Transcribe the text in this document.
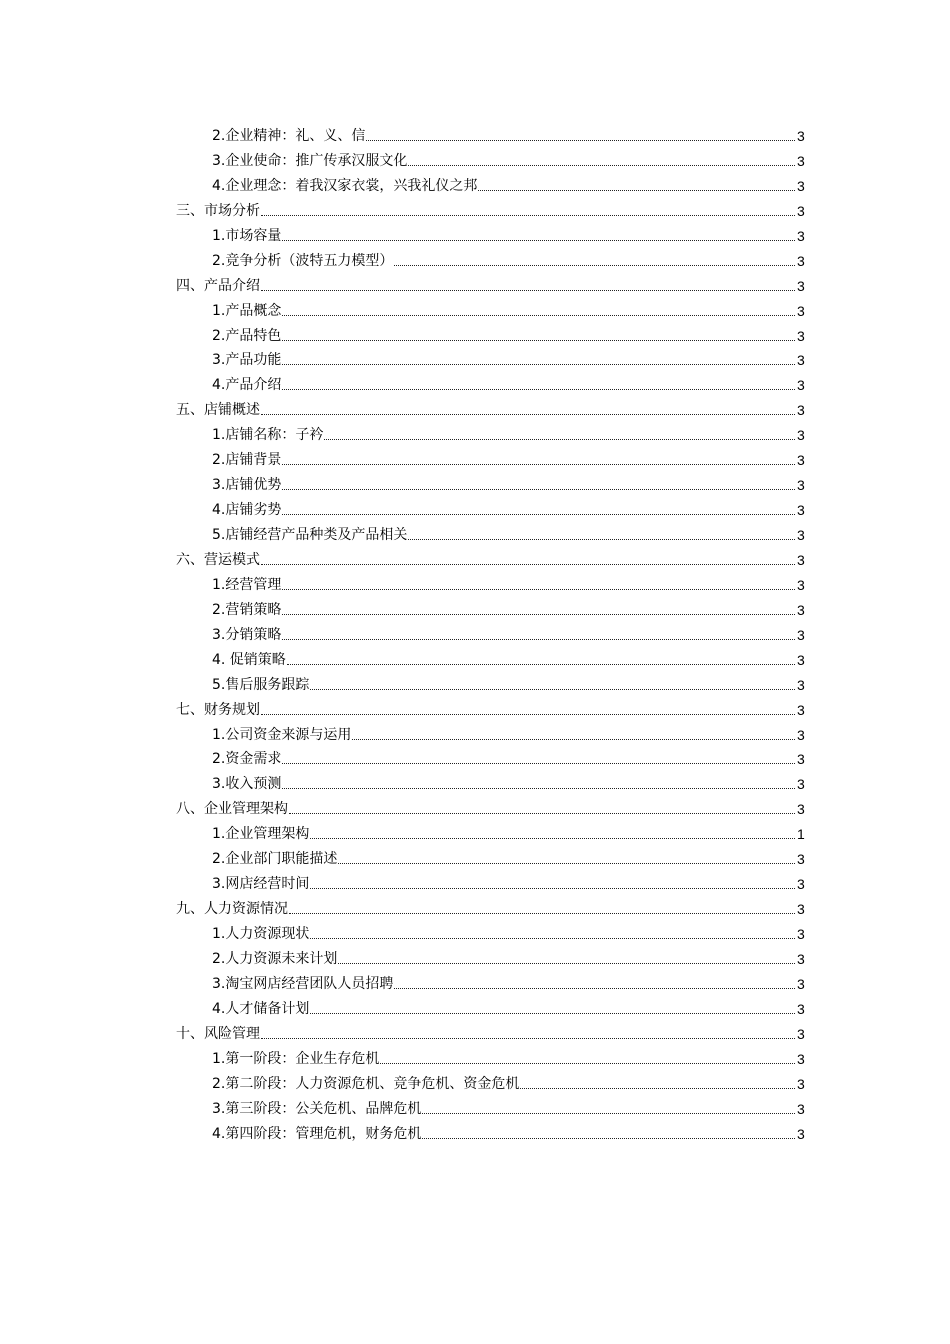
2.企业精神：礼、义、信	3
3.企业使命：推广传承汉服文化	3
4.企业理念：着我汉家衣裳，兴我礼仪之邦	3
三、市场分析	3
1.市场容量	3
2.竞争分析（波特五力模型）	3
四、产品介绍	3
1.产品概念	3
2.产品特色	3
3.产品功能	3
4.产品介绍	3
五、店铺概述	3
1.店铺名称：子衿	3
2.店铺背景	3
3.店铺优势	3
4.店铺劣势	3
5.店铺经营产品种类及产品相关	3
六、营运模式	3
1.经营管理	3
2.营销策略	3
3.分销策略	3
4. 促销策略	3
5.售后服务跟踪	3
七、财务规划	3
1.公司资金来源与运用	3
2.资金需求	3
3.收入预测	3
八、企业管理架构	3
1.企业管理架构	1
2.企业部门职能描述	3
3.网店经营时间	3
九、人力资源情况	3
1.人力资源现状	3
2.人力资源未来计划	3
3.淘宝网店经营团队人员招聘	3
4.人才储备计划	3
十、风险管理	3
1.第一阶段：企业生存危机	3
2.第二阶段：人力资源危机、竞争危机、资金危机	3
3.第三阶段：公关危机、品牌危机	3
4.第四阶段：管理危机，财务危机	3
